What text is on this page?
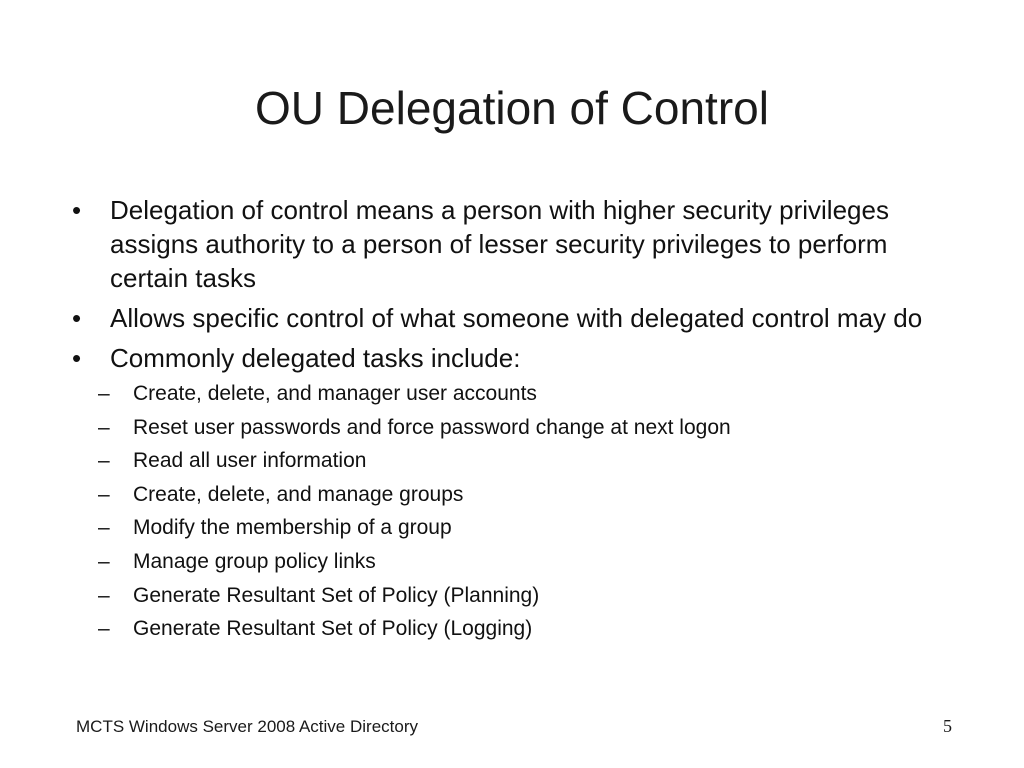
OU Delegation of Control
• Delegation of control means a person with higher security privileges assigns authority to a person of lesser security privileges to perform certain tasks
• Allows specific control of what someone with delegated control may do
• Commonly delegated tasks include:
– Create, delete, and manager user accounts
– Reset user passwords and force password change at next logon
– Read all user information
– Create, delete, and manage groups
– Modify the membership of a group
– Manage group policy links
– Generate Resultant Set of Policy (Planning)
– Generate Resultant Set of Policy (Logging)
MCTS Windows Server 2008 Active Directory	5
